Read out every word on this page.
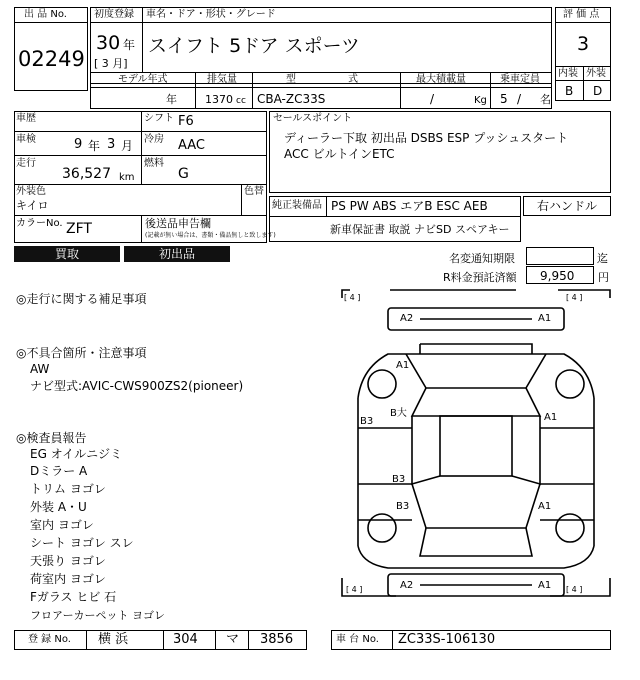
出 品 No.
02249
初度登録 車名・ドア・形状・グレード
30 年
[ 3 月]
スイフト 5ドア スポーツ
評 価 点
3
内装 外装
B D
モデル年式	排気量	型	式	最大積載量	乗車定員
年	1370 cc CBA-ZC33S	/	Kg 5 / 名
車歴	シフト F6
車検	9 年 3 月 冷房 AAC
走行
36,527 km
燃料
G
外装色
キイロ
色替
カラーNo. ZFT	後送品申告欄
(記載が無い場合は、書類・備品無しと致します)
セールスポイント
ディーラー下取 初出品 DSBS ESP プッシュスタート
ACC ビルトインETC
純正装備品 PS PW ABS エアB ESC AEB
新車保証書 取説 ナビSD スペアキー
右ハンドル
買取	初出品	名変通知期限	迄
R料金預託済額 9,950 円
◎走行に関する補足事項
◎不具合箇所・注意事項
AW
ナビ型式:AVIC-CWS900ZS2(pioneer)
◎検査員報告
EG オイルニジミ
Dミラー A
トリム ヨゴレ
外装 A・U
室内 ヨゴレ
シート ヨゴレ スレ
天張り ヨゴレ
荷室内 ヨゴレ
Fガラス ヒビ 石
フロアーカーペット ヨゴレ
[ 4 ]	[ 4 ]
[ 4 ]	[ 4 ]
A2	A1
A1
B大
B3
B3
B3
A1
A1
A2	A1
登 録 No. 横 浜	304 マ 3856	車 台 No. ZC33S-106130
